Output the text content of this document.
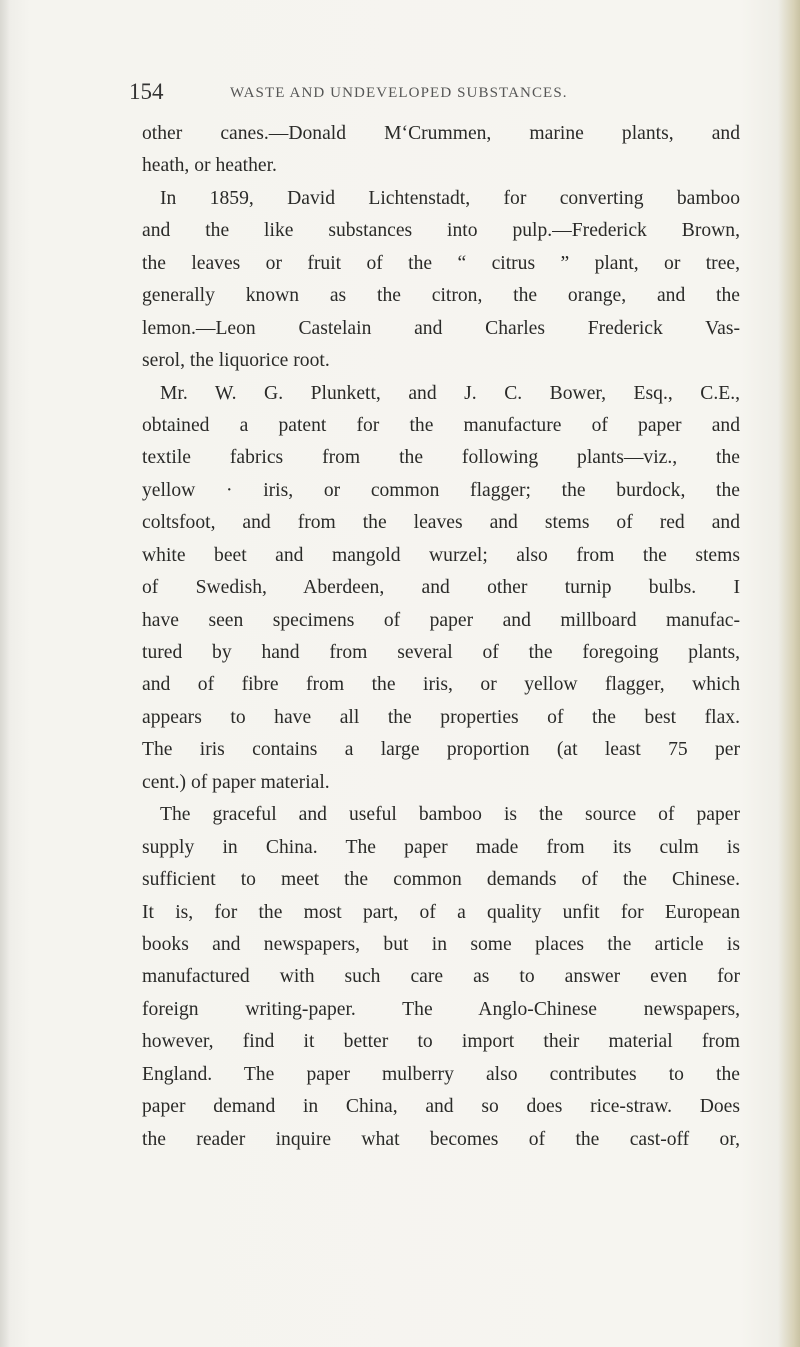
154	WASTE AND UNDEVELOPED SUBSTANCES.
other canes.—Donald M‘Crummen, marine plants, and
heath, or heather.
In 1859, David Lichtenstadt, for converting bamboo
and the like substances into pulp.—Frederick Brown,
the leaves or fruit of the “ citrus ” plant, or tree,
generally known as the citron, the orange, and the
lemon.—Leon Castelain and Charles Frederick Vas-
serol, the liquorice root.
Mr. W. G. Plunkett, and J. C. Bower, Esq., C.E.,
obtained a patent for the manufacture of paper and
textile fabrics from the following plants—viz., the
yellow · iris, or common flagger; the burdock, the
coltsfoot, and from the leaves and stems of red and
white beet and mangold wurzel; also from the stems
of Swedish, Aberdeen, and other turnip bulbs. I
have seen specimens of paper and millboard manufac-
tured by hand from several of the foregoing plants,
and of fibre from the iris, or yellow flagger, which
appears to have all the properties of the best flax.
The iris contains a large proportion (at least 75 per
cent.) of paper material.
The graceful and useful bamboo is the source of paper
supply in China. The paper made from its culm is
sufficient to meet the common demands of the Chinese.
It is, for the most part, of a quality unfit for European
books and newspapers, but in some places the article is
manufactured with such care as to answer even for
foreign writing-paper. The Anglo-Chinese newspapers,
however, find it better to import their material from
England. The paper mulberry also contributes to the
paper demand in China, and so does rice-straw. Does
the reader inquire what becomes of the cast-off or,
